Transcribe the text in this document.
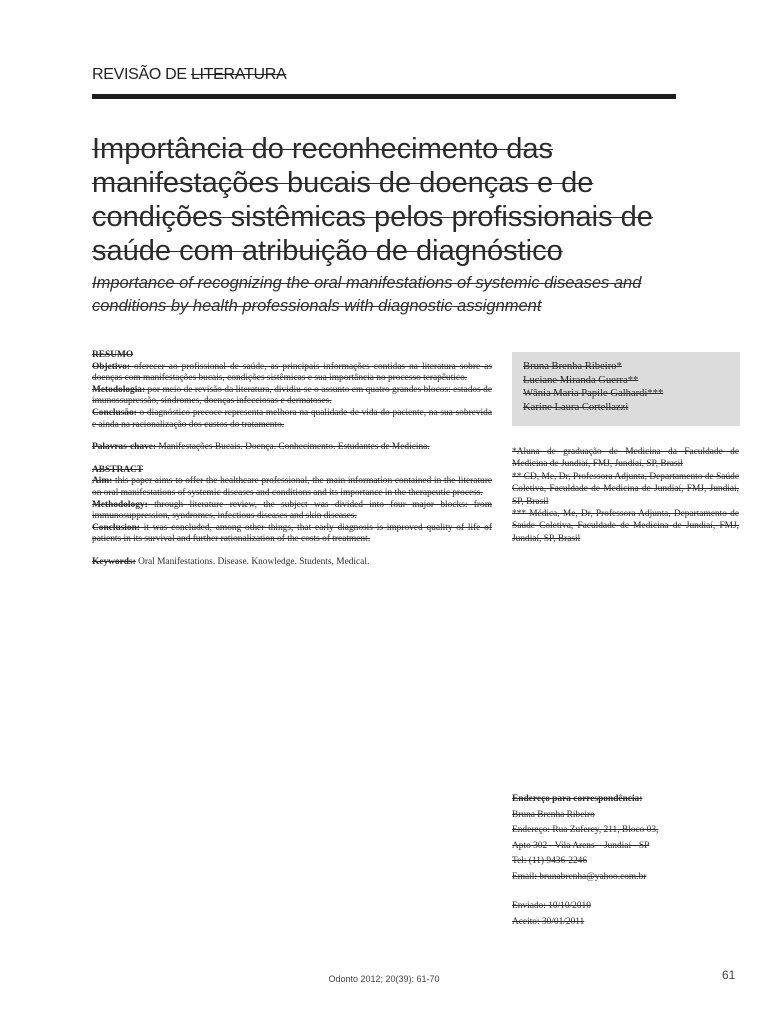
REVISÃO DE LITERATURA
Importância do reconhecimento das manifestações bucais de doenças e de condições sistêmicas pelos profissionais de saúde com atribuição de diagnóstico

Importance of recognizing the oral manifestations of systemic diseases and conditions by health professionals with diagnostic assignment

RESUMO

Objetivo: oferecer ao profissional de saúde, as principais informações contidas na literatura sobre as doenças com manifestações bucais, condições sistêmicas e sua importância no processo terapêutico.

Metodologia: por meio de revisão da literatura, dividiu-se o assunto em quatro grandes blocos: estados de imunossupressão, síndromes, doenças infecciosas e dermatoses.

Conclusão: o diagnóstico precoce representa melhora na qualidade de vida do paciente, na sua sobrevida e ainda na racionalização dos custos do tratamento.

Palavras-chave: Manifestações Bucais. Doença. Conhecimento. Estudantes de Medicina.

ABSTRACT

Aim: this paper aims to offer the healthcare professional, the main information contained in the literature on oral manifestations of systemic diseases and conditions and its importance in the therapeutic process.

Methodology: through literature review, the subject was divided into four major blocks: from immunosuppression, syndromes, infectious diseases and skin diseases.

Conclusion: it was concluded, among other things, that early diagnosis is improved quality of life of patients in its survival and further rationalization of the costs of treatment.

Keywords: Oral Manifestations. Disease. Knowledge. Students, Medical.

Bruna Brenha Ribeiro*
Luciane Miranda Guerra**
Wânia Maria Papile Galhardi***
Karine Laura Cortellazzi

*Aluna de graduação de Medicina da Faculdade de Medicina de Jundiaí, FMJ, Jundiaí, SP, Brasil

** CD, Me, Dr, Professora Adjunta, Departamento de Saúde Coletiva, Faculdade de Medicina de Jundiaí, FMJ, Jundiaí, SP, Brasil

*** Médica, Me, Dr, Professora Adjunta, Departamento de Saúde Coletiva, Faculdade de Medicina de Jundiaí, FMJ, Jundiaí, SP, Brasil

Endereço para correspondência:

Bruna Brenha Ribeiro

Endereço: Rua Zuferey, 211, Bloco 03,

Apto 302 - Vila Arens – Jundiaí - SP

Tel: (11) 9436-2246

Email: brunabrenha@yahoo.com.br

Enviado: 10/10/2010

Aceito: 30/01/2011

Odonto 2012; 20(39): 61-70	61
